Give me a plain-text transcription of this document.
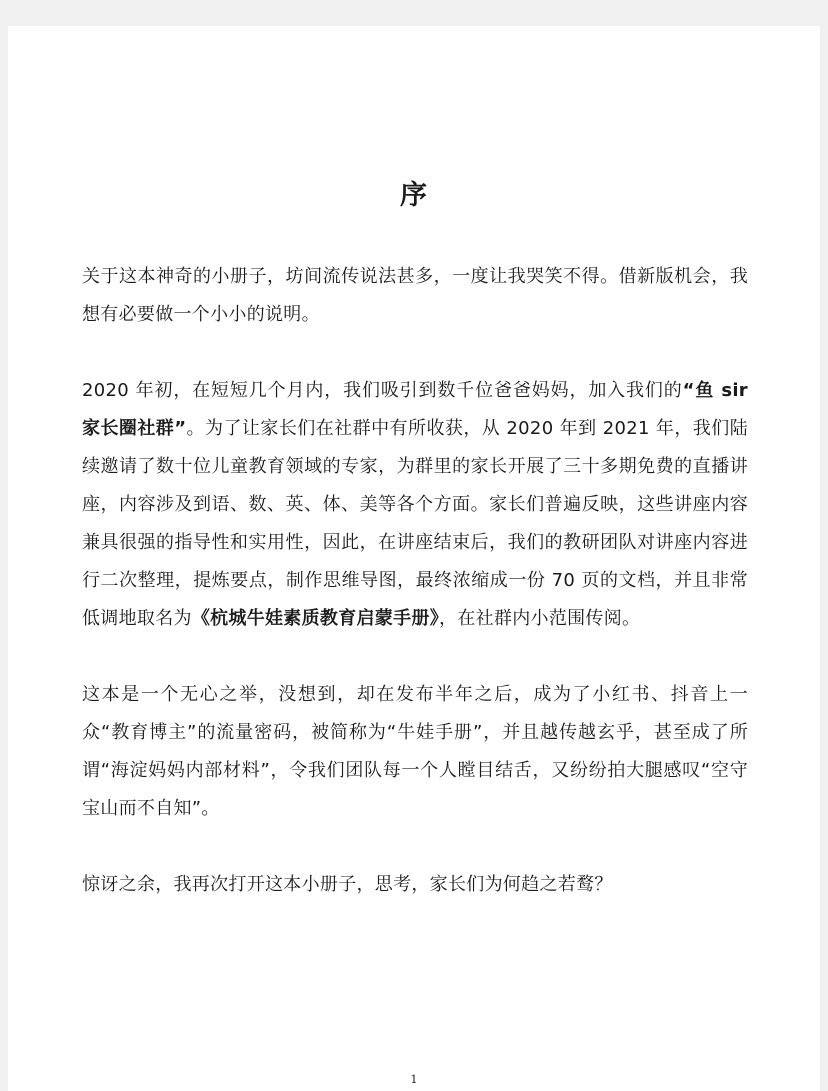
序

关于这本神奇的小册子，坊间流传说法甚多，一度让我哭笑不得。借新版机会，我想有必要做一个小小的说明。

2020 年初，在短短几个月内，我们吸引到数千位爸爸妈妈，加入我们的“鱼 sir 家长圈社群”。为了让家长们在社群中有所收获，从 2020 年到 2021 年，我们陆续邀请了数十位儿童教育领域的专家，为群里的家长开展了三十多期免费的直播讲座，内容涉及到语、数、英、体、美等各个方面。家长们普遍反映，这些讲座内容兼具很强的指导性和实用性，因此，在讲座结束后，我们的教研团队对讲座内容进行二次整理，提炼要点，制作思维导图，最终浓缩成一份 70 页的文档，并且非常低调地取名为《杭城牛娃素质教育启蒙手册》，在社群内小范围传阅。

这本是一个无心之举，没想到，却在发布半年之后，成为了小红书、抖音上一众“教育博主”的流量密码，被简称为“牛娃手册”，并且越传越玄乎，甚至成了所谓“海淀妈妈内部材料”，令我们团队每一个人瞠目结舌，又纷纷拍大腿感叹“空守宝山而不自知”。

惊讶之余，我再次打开这本小册子，思考，家长们为何趋之若鹜？

1
